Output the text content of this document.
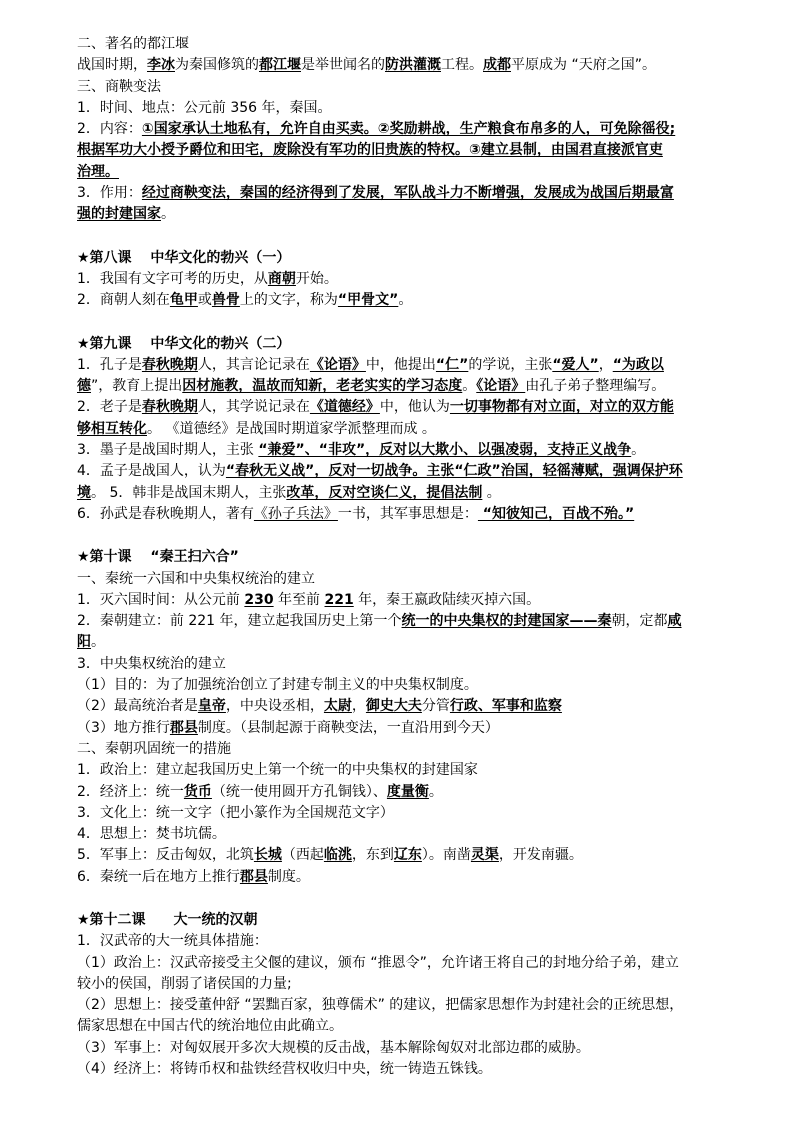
二、著名的都江堰
战国时期，李冰为秦国修筑的都江堰是举世闻名的防洪灌溉工程。成都平原成为 “天府之国”。
三、商鞅变法
1．时间、地点：公元前 356 年，秦国。
2．内容：①国家承认土地私有，允许自由买卖。②奖励耕战，生产粮食布帛多的人，可免除徭役;
根据军功大小授予爵位和田宅，废除没有军功的旧贵族的特权。③建立县制，由国君直接派官吏
治理。
3．作用：经过商鞅变法，秦国的经济得到了发展，军队战斗力不断增强，发展成为战国后期最富
强的封建国家。
★第八课　 中华文化的勃兴（一）
1．我国有文字可考的历史，从商朝开始。
2．商朝人刻在龟甲或兽骨上的文字，称为“甲骨文”。
★第九课　 中华文化的勃兴（二）
1．孔子是春秋晚期人，其言论记录在《论语》中，他提出“仁”的学说，主张“爱人”，“为政以
德”，教育上提出因材施教，温故而知新，老老实实的学习态度。《论语》由孔子弟子整理编写。
2．老子是春秋晚期人，其学说记录在《道德经》中，他认为一切事物都有对立面，对立的双方能
够相互转化。 《道德经》是战国时期道家学派整理而成 。
3．墨子是战国时期人，主张 “兼爱”、“非攻”，反对以大欺小、以强凌弱，支持正义战争。
4．孟子是战国人，认为“春秋无义战”，反对一切战争。主张“仁政”治国，轻徭薄赋，强调保护环
境。 5．韩非是战国末期人，主张改革，反对空谈仁义，提倡法制 。
6．孙武是春秋晚期人，著有《孙子兵法》一书，其军事思想是： “知彼知己，百战不殆。”
★第十课　 “秦王扫六合”
一、秦统一六国和中央集权统治的建立
1．灭六国时间：从公元前 230 年至前 221 年，秦王嬴政陆续灭掉六国。
2．秦朝建立：前 221 年，建立起我国历史上第一个统一的中央集权的封建国家——秦朝，定都咸
阳。
3．中央集权统治的建立
（1）目的：为了加强统治创立了封建专制主义的中央集权制度。
（2）最高统治者是皇帝，中央设丞相，太尉，御史大夫分管行政、军事和监察
（3）地方推行郡县制度。（县制起源于商鞅变法，一直沿用到今天）
二、秦朝巩固统一的措施
1．政治上：建立起我国历史上第一个统一的中央集权的封建国家
2．经济上：统一货币（统一使用圆开方孔铜钱）、度量衡。
3．文化上：统一文字（把小篆作为全国规范文字）
4．思想上：焚书坑儒。
5．军事上：反击匈奴，北筑长城（西起临洮，东到辽东）。南凿灵渠，开发南疆。
6．秦统一后在地方上推行郡县制度。
★第十二课　　大一统的汉朝
1．汉武帝的大一统具体措施：
（1）政治上：汉武帝接受主父偃的建议，颁布 “推恩令”，允许诸王将自己的封地分给子弟，建立
较小的侯国，削弱了诸侯国的力量;
（2）思想上：接受董仲舒 “罢黜百家，独尊儒术” 的建议，把儒家思想作为封建社会的正统思想，
儒家思想在中国古代的统治地位由此确立。
（3）军事上：对匈奴展开多次大规模的反击战，基本解除匈奴对北部边郡的威胁。
（4）经济上：将铸币权和盐铁经营权收归中央，统一铸造五铢钱。
